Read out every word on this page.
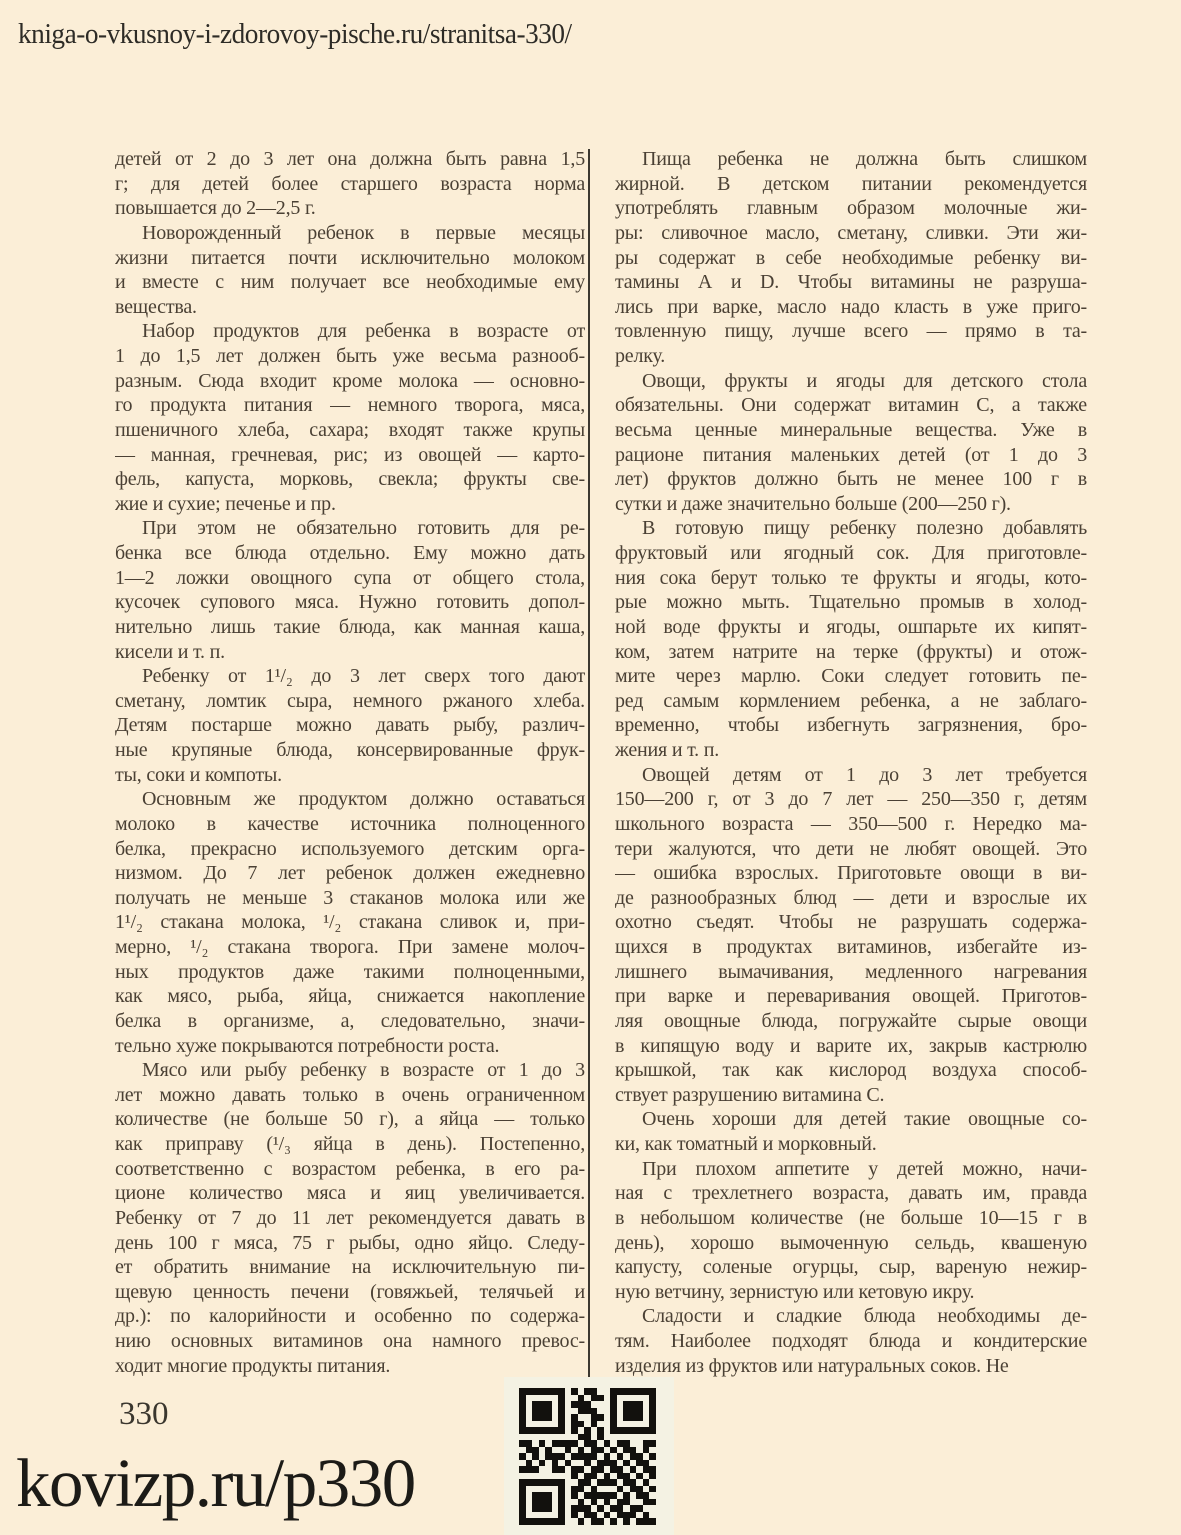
kniga-o-vkusnoy-i-zdorovoy-pische.ru/stranitsa-330/
детей от 2 до 3 лет она должна быть равна 1,5
г; для детей более старшего возраста норма
повышается до 2—2,5 г.
Новорожденный ребенок в первые месяцы
жизни питается почти исключительно молоком
и вместе с ним получает все необходимые ему
вещества.
Набор продуктов для ребенка в возрасте от
1 до 1,5 лет должен быть уже весьма разнооб-
разным. Сюда входит кроме молока — основно-
го продукта питания — немного творога, мяса,
пшеничного хлеба, сахара; входят также крупы
— манная, гречневая, рис; из овощей — карто-
фель, капуста, морковь, свекла; фрукты све-
жие и сухие; печенье и пр.
При этом не обязательно готовить для ре-
бенка все блюда отдельно. Ему можно дать
1—2 ложки овощного супа от общего стола,
кусочек супового мяса. Нужно готовить допол-
нительно лишь такие блюда, как манная каша,
кисели и т. п.
Ребенку от 1¹/₂ до 3 лет сверх того дают
сметану, ломтик сыра, немного ржаного хлеба.
Детям постарше можно давать рыбу, различ-
ные крупяные блюда, консервированные фрук-
ты, соки и компоты.
Основным же продуктом должно оставаться
молоко в качестве источника полноценного
белка, прекрасно используемого детским орга-
низмом. До 7 лет ребенок должен ежедневно
получать не меньше 3 стаканов молока или же
1¹/₂ стакана молока, ¹/₂ стакана сливок и, при-
мерно, ¹/₂ стакана творога. При замене молоч-
ных продуктов даже такими полноценными,
как мясо, рыба, яйца, снижается накопление
белка в организме, а, следовательно, значи-
тельно хуже покрываются потребности роста.
Мясо или рыбу ребенку в возрасте от 1 до 3
лет можно давать только в очень ограниченном
количестве (не больше 50 г), а яйца — только
как приправу (¹/₃ яйца в день). Постепенно,
соответственно с возрастом ребенка, в его ра-
ционе количество мяса и яиц увеличивается.
Ребенку от 7 до 11 лет рекомендуется давать в
день 100 г мяса, 75 г рыбы, одно яйцо. Следу-
ет обратить внимание на исключительную пи-
щевую ценность печени (говяжьей, телячьей и
др.): по калорийности и особенно по содержа-
нию основных витаминов она намного превос-
ходит многие продукты питания.
Пища ребенка не должна быть слишком
жирной. В детском питании рекомендуется
употреблять главным образом молочные жи-
ры: сливочное масло, сметану, сливки. Эти жи-
ры содержат в себе необходимые ребенку ви-
тамины А и D. Чтобы витамины не разруша-
лись при варке, масло надо класть в уже приго-
товленную пищу, лучше всего — прямо в та-
релку.
Овощи, фрукты и ягоды для детского стола
обязательны. Они содержат витамин С, а также
весьма ценные минеральные вещества. Уже в
рационе питания маленьких детей (от 1 до 3
лет) фруктов должно быть не менее 100 г в
сутки и даже значительно больше (200—250 г).
В готовую пищу ребенку полезно добавлять
фруктовый или ягодный сок. Для приготовле-
ния сока берут только те фрукты и ягоды, кото-
рые можно мыть. Тщательно промыв в холод-
ной воде фрукты и ягоды, ошпарьте их кипят-
ком, затем натрите на терке (фрукты) и отож-
мите через марлю. Соки следует готовить пе-
ред самым кормлением ребенка, а не заблаго-
временно, чтобы избегнуть загрязнения, бро-
жения и т. п.
Овощей детям от 1 до 3 лет требуется
150—200 г, от 3 до 7 лет — 250—350 г, детям
школьного возраста — 350—500 г. Нередко ма-
тери жалуются, что дети не любят овощей. Это
— ошибка взрослых. Приготовьте овощи в ви-
де разнообразных блюд — дети и взрослые их
охотно съедят. Чтобы не разрушать содержа-
щихся в продуктах витаминов, избегайте из-
лишнего вымачивания, медленного нагревания
при варке и переваривания овощей. Приготов-
ляя овощные блюда, погружайте сырые овощи
в кипящую воду и варите их, закрыв кастрюлю
крышкой, так как кислород воздуха способ-
ствует разрушению витамина С.
Очень хороши для детей такие овощные со-
ки, как томатный и морковный.
При плохом аппетите у детей можно, начи-
ная с трехлетнего возраста, давать им, правда
в небольшом количестве (не больше 10—15 г в
день), хорошо вымоченную сельдь, квашеную
капусту, соленые огурцы, сыр, вареную нежир-
ную ветчину, зернистую или кетовую икру.
Сладости и сладкие блюда необходимы де-
тям. Наиболее подходят блюда и кондитерские
изделия из фруктов или натуральных соков. Не
330
kovizp.ru/p330
